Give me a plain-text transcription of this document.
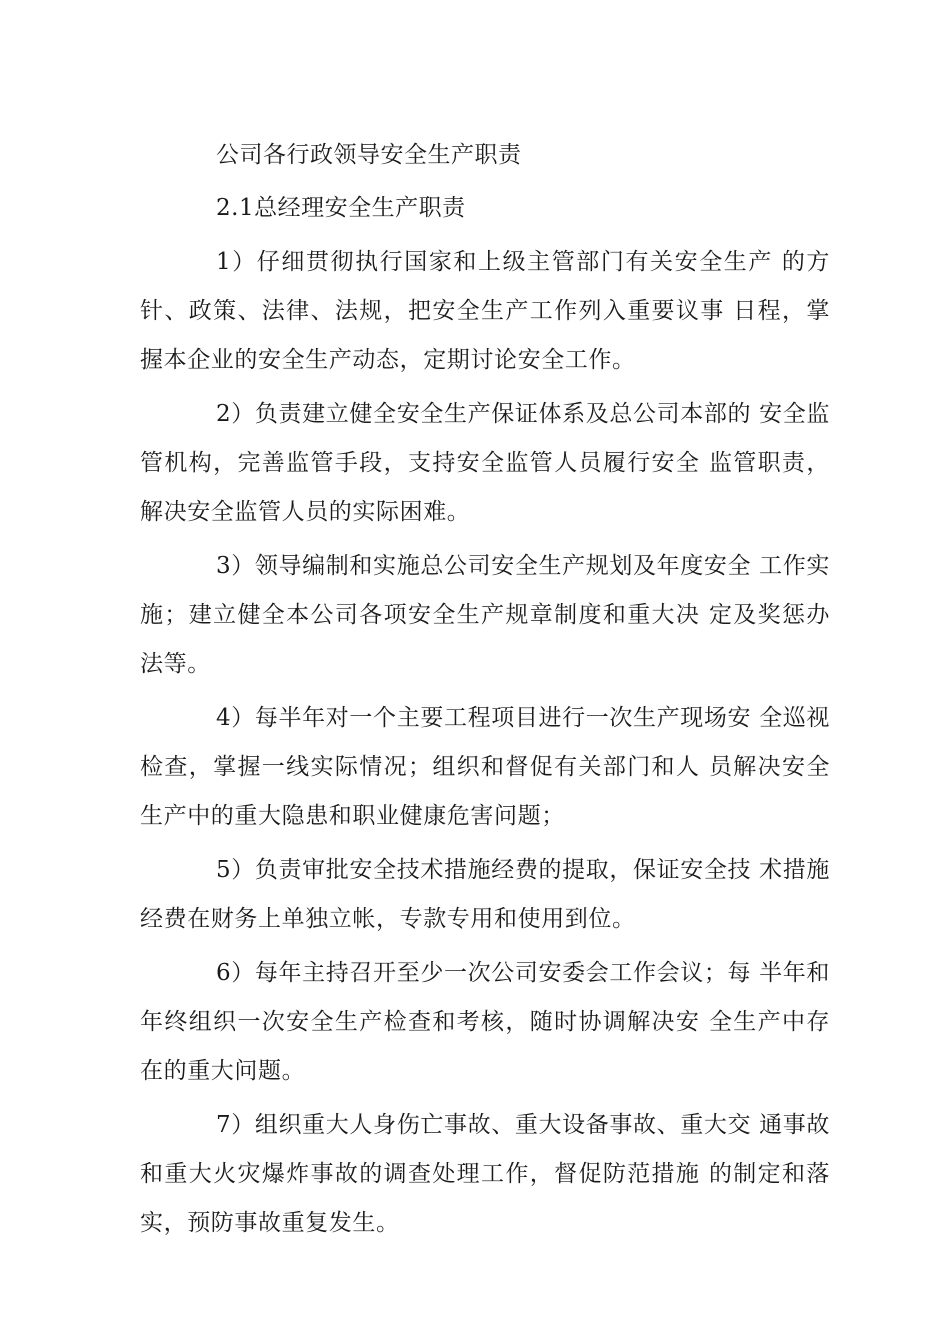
公司各行政领导安全生产职责
2.1总经理安全生产职责

1）仔细贯彻执行国家和上级主管部门有关安全生产 的方针、政策、法律、法规，把安全生产工作列入重要议事 日程，掌握本企业的安全生产动态，定期讨论安全工作。

2）负责建立健全安全生产保证体系及总公司本部的 安全监管机构，完善监管手段，支持安全监管人员履行安全 监管职责，解决安全监管人员的实际困难。

3）领导编制和实施总公司安全生产规划及年度安全 工作实施；建立健全本公司各项安全生产规章制度和重大决 定及奖惩办法等。

4）每半年对一个主要工程项目进行一次生产现场安 全巡视检查，掌握一线实际情况；组织和督促有关部门和人 员解决安全生产中的重大隐患和职业健康危害问题；

5）负责审批安全技术措施经费的提取，保证安全技 术措施经费在财务上单独立帐，专款专用和使用到位。

6）每年主持召开至少一次公司安委会工作会议；每 半年和年终组织一次安全生产检查和考核，随时协调解决安 全生产中存在的重大问题。

7）组织重大人身伤亡事故、重大设备事故、重大交 通事故和重大火灾爆炸事故的调查处理工作，督促防范措施 的制定和落实，预防事故重复发生。
